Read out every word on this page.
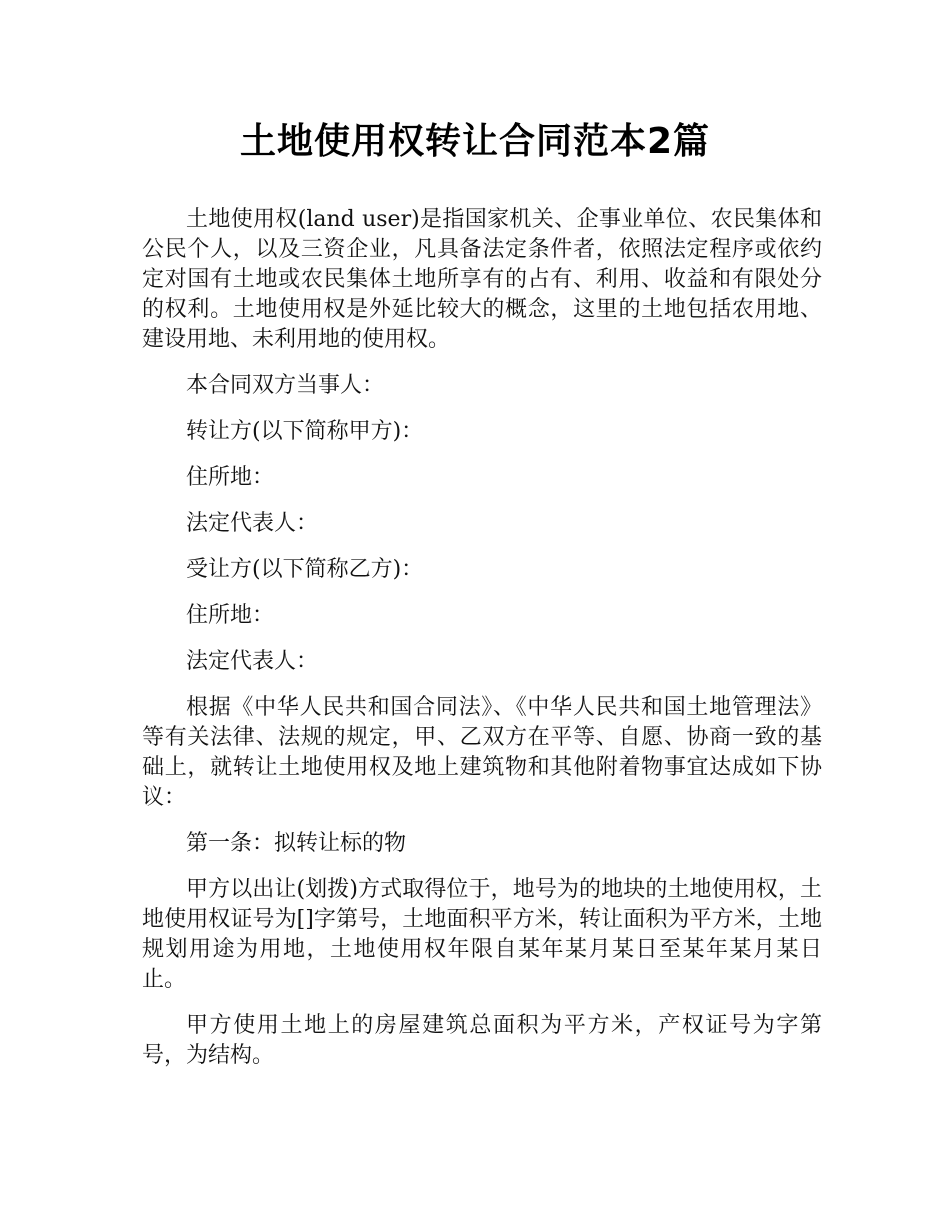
土地使用权转让合同范本2篇

土地使用权(land user)是指国家机关、企事业单位、农民集体和公民个人，以及三资企业，凡具备法定条件者，依照法定程序或依约定对国有土地或农民集体土地所享有的占有、利用、收益和有限处分的权利。土地使用权是外延比较大的概念，这里的土地包括农用地、建设用地、未利用地的使用权。

本合同双方当事人：

转让方(以下简称甲方)：

住所地：

法定代表人：

受让方(以下简称乙方)：

住所地：

法定代表人：

根据《中华人民共和国合同法》、《中华人民共和国土地管理法》等有关法律、法规的规定，甲、乙双方在平等、自愿、协商一致的基础上，就转让土地使用权及地上建筑物和其他附着物事宜达成如下协议：

第一条：拟转让标的物

甲方以出让(划拨)方式取得位于，地号为的地块的土地使用权，土地使用权证号为[]字第号，土地面积平方米，转让面积为平方米，土地规划用途为用地，土地使用权年限自某年某月某日至某年某月某日止。

甲方使用土地上的房屋建筑总面积为平方米，产权证号为字第号，为结构。
